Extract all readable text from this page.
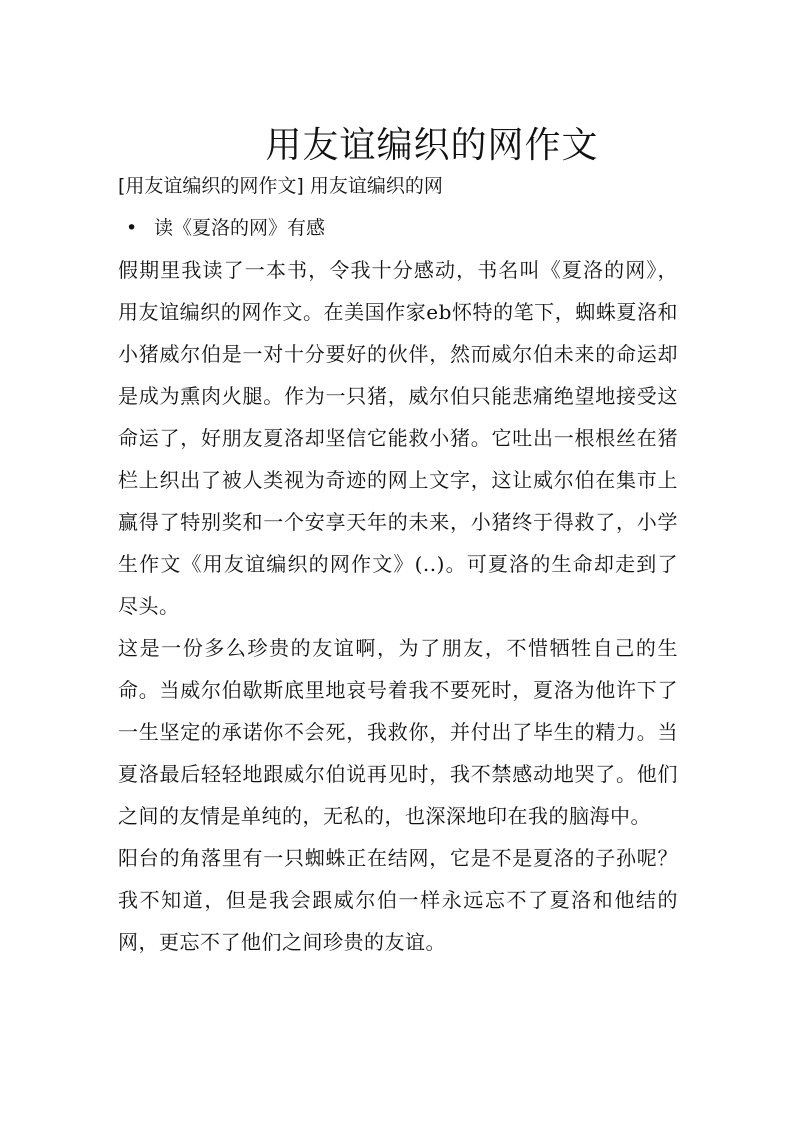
用友谊编织的网作文
[用友谊编织的网作文] 用友谊编织的网
• 读《夏洛的网》有感

假期里我读了一本书，令我十分感动，书名叫《夏洛的网》，用友谊编织的网作文。在美国作家eb怀特的笔下，蜘蛛夏洛和小猪威尔伯是一对十分要好的伙伴，然而威尔伯未来的命运却是成为熏肉火腿。作为一只猪，威尔伯只能悲痛绝望地接受这命运了，好朋友夏洛却坚信它能救小猪。它吐出一根根丝在猪栏上织出了被人类视为奇迹的网上文字，这让威尔伯在集市上赢得了特别奖和一个安享天年的未来，小猪终于得救了，小学生作文《用友谊编织的网作文》(..)。可夏洛的生命却走到了尽头。

这是一份多么珍贵的友谊啊，为了朋友，不惜牺牲自己的生命。当威尔伯歇斯底里地哀号着我不要死时，夏洛为他许下了一生坚定的承诺你不会死，我救你，并付出了毕生的精力。当夏洛最后轻轻地跟威尔伯说再见时，我不禁感动地哭了。他们之间的友情是单纯的，无私的，也深深地印在我的脑海中。

阳台的角落里有一只蜘蛛正在结网，它是不是夏洛的子孙呢？我不知道，但是我会跟威尔伯一样永远忘不了夏洛和他结的网，更忘不了他们之间珍贵的友谊。
